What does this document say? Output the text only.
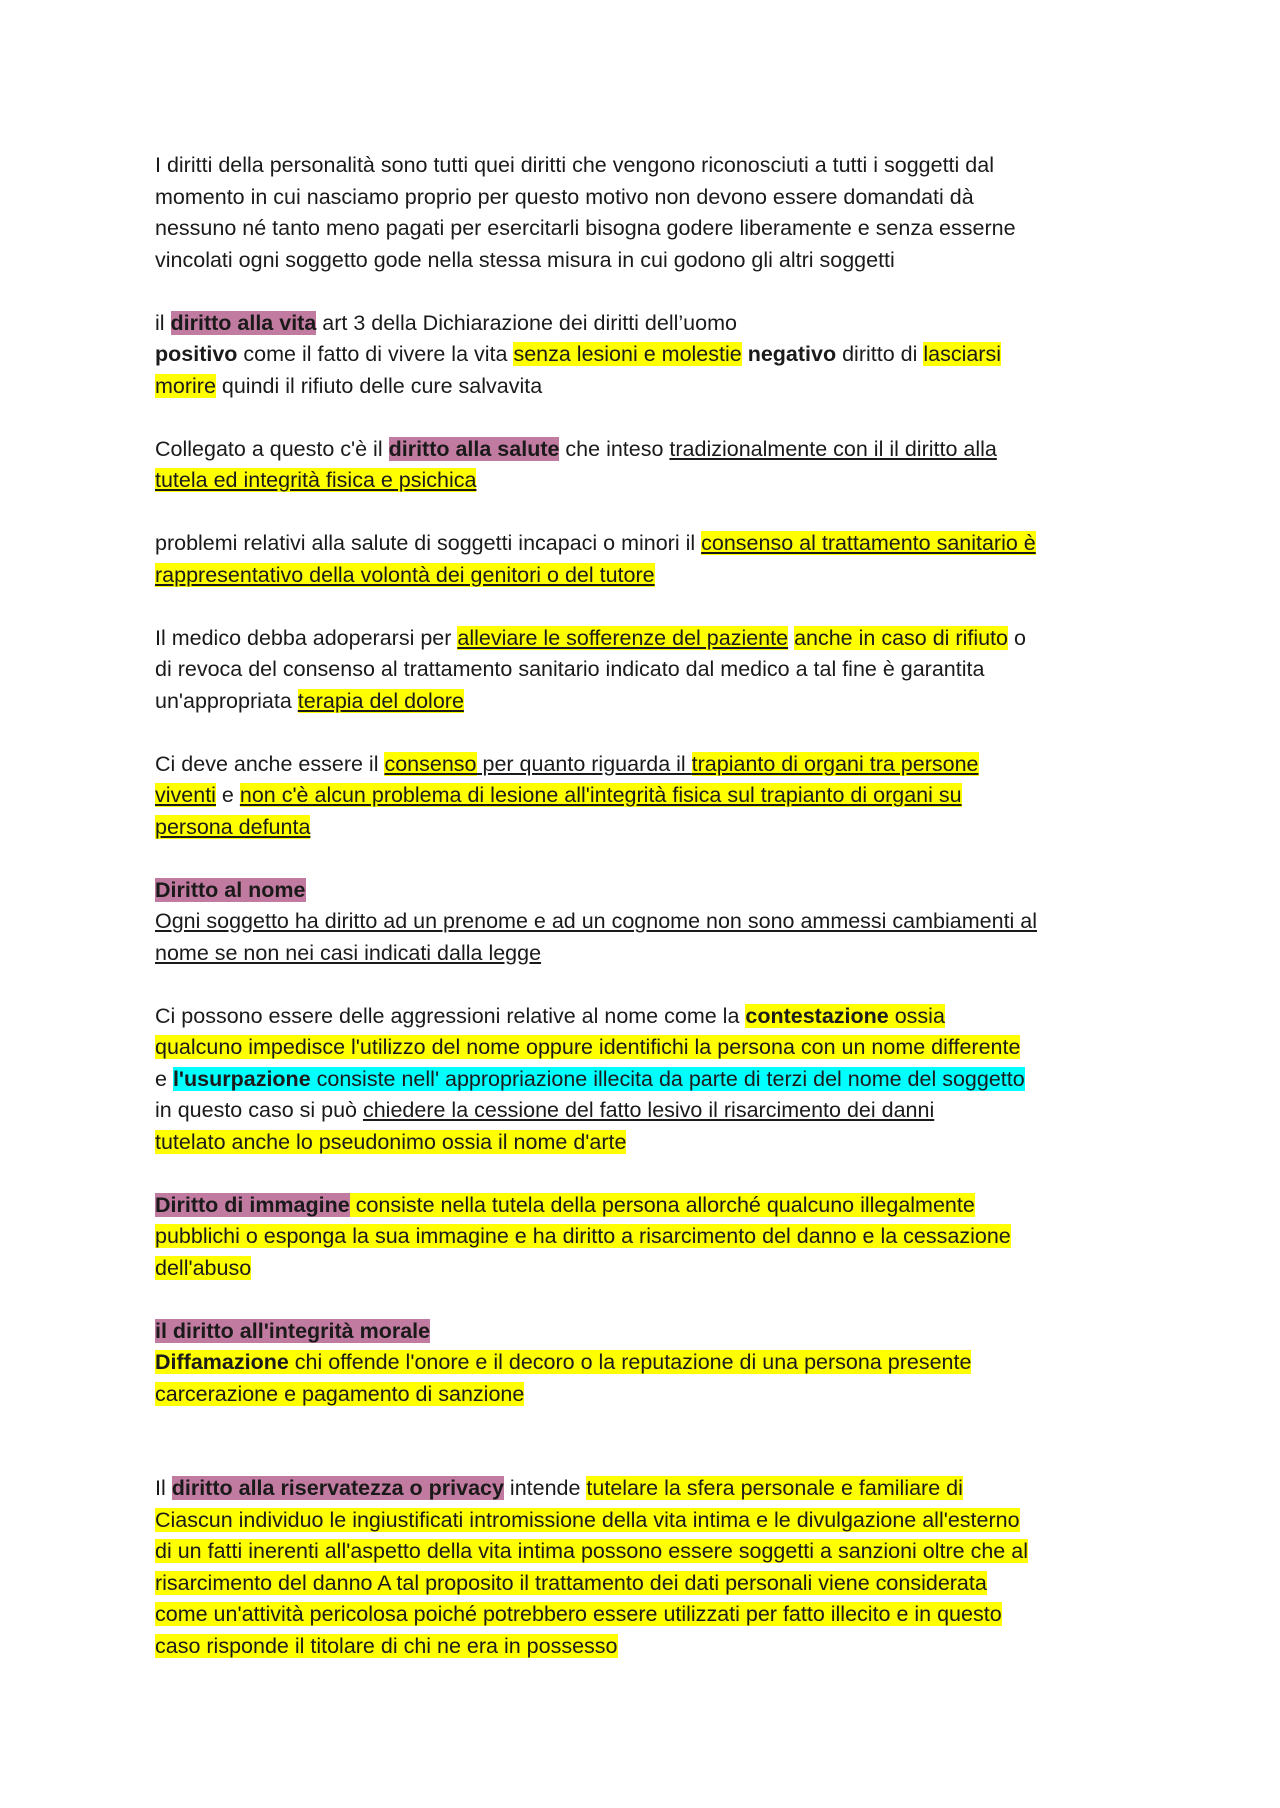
I diritti della personalità sono tutti quei diritti che vengono riconosciuti a tutti i soggetti dal
momento in cui nasciamo proprio per questo motivo non devono essere domandati dà
nessuno né tanto meno pagati per esercitarli bisogna godere liberamente e senza esserne
vincolati ogni soggetto gode nella stessa misura in cui godono gli altri soggetti
il diritto alla vita art 3 della Dichiarazione dei diritti dell’uomo
positivo come il fatto di vivere la vita senza lesioni e molestie negativo diritto di lasciarsi
morire quindi il rifiuto delle cure salvavita
Collegato a questo c'è il diritto alla salute che inteso tradizionalmente con il il diritto alla
tutela ed integrità fisica e psichica
problemi relativi alla salute di soggetti incapaci o minori il consenso al trattamento sanitario è
rappresentativo della volontà dei genitori o del tutore
Il medico debba adoperarsi per alleviare le sofferenze del paziente anche in caso di rifiuto o
di revoca del consenso al trattamento sanitario indicato dal medico a tal fine è garantita
un'appropriata terapia del dolore
Ci deve anche essere il consenso per quanto riguarda il trapianto di organi tra persone
viventi e non c'è alcun problema di lesione all'integrità fisica sul trapianto di organi su
persona defunta
Diritto al nome
Ogni soggetto ha diritto ad un prenome e ad un cognome non sono ammessi cambiamenti al
nome se non nei casi indicati dalla legge
Ci possono essere delle aggressioni relative al nome come la contestazione ossia
qualcuno impedisce l'utilizzo del nome oppure identifichi la persona con un nome differente
e l'usurpazione consiste nell' appropriazione illecita da parte di terzi del nome del soggetto
in questo caso si può chiedere la cessione del fatto lesivo il risarcimento dei danni
tutelato anche lo pseudonimo ossia il nome d'arte
Diritto di immagine consiste nella tutela della persona allorché qualcuno illegalmente
pubblichi o esponga la sua immagine e ha diritto a risarcimento del danno e la cessazione
dell'abuso
il diritto all'integrità morale
Diffamazione chi offende l'onore e il decoro o la reputazione di una persona presente
carcerazione e pagamento di sanzione
Il diritto alla riservatezza o privacy intende tutelare la sfera personale e familiare di
Ciascun individuo le ingiustificati intromissione della vita intima e le divulgazione all'esterno
di un fatti inerenti all'aspetto della vita intima possono essere soggetti a sanzioni oltre che al
risarcimento del danno A tal proposito il trattamento dei dati personali viene considerata
come un'attività pericolosa poiché potrebbero essere utilizzati per fatto illecito e in questo
caso risponde il titolare di chi ne era in possesso
